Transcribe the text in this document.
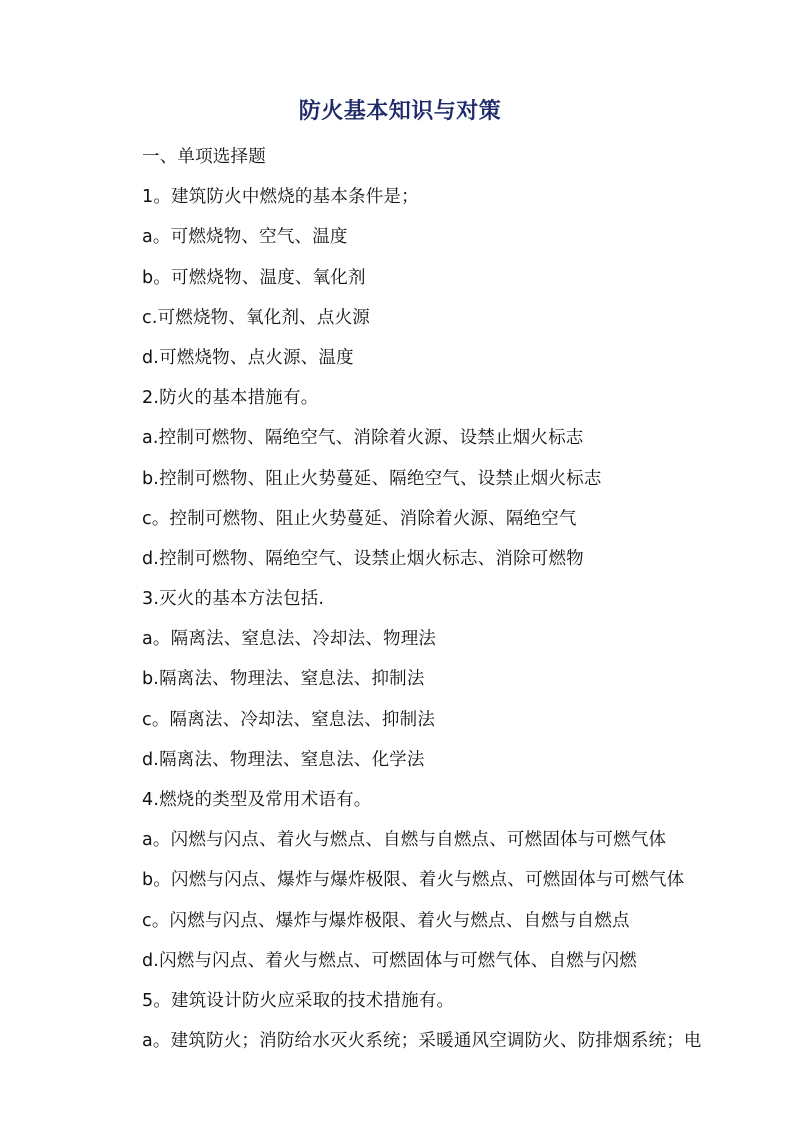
防火基本知识与对策
一、单项选择题
1。建筑防火中燃烧的基本条件是；
a。可燃烧物、空气、温度
b。可燃烧物、温度、氧化剂
c.可燃烧物、氧化剂、点火源
d.可燃烧物、点火源、温度
2.防火的基本措施有。
a.控制可燃物、隔绝空气、消除着火源、设禁止烟火标志
b.控制可燃物、阻止火势蔓延、隔绝空气、设禁止烟火标志
c。控制可燃物、阻止火势蔓延、消除着火源、隔绝空气
d.控制可燃物、隔绝空气、设禁止烟火标志、消除可燃物
3.灭火的基本方法包括.
a。隔离法、窒息法、冷却法、物理法
b.隔离法、物理法、窒息法、抑制法
c。隔离法、冷却法、窒息法、抑制法
d.隔离法、物理法、窒息法、化学法
4.燃烧的类型及常用术语有。
a。闪燃与闪点、着火与燃点、自燃与自燃点、可燃固体与可燃气体
b。闪燃与闪点、爆炸与爆炸极限、着火与燃点、可燃固体与可燃气体
c。闪燃与闪点、爆炸与爆炸极限、着火与燃点、自燃与自燃点
d.闪燃与闪点、着火与燃点、可燃固体与可燃气体、自燃与闪燃
5。建筑设计防火应采取的技术措施有。
a。建筑防火；消防给水灭火系统；采暖通风空调防火、防排烟系统；电
